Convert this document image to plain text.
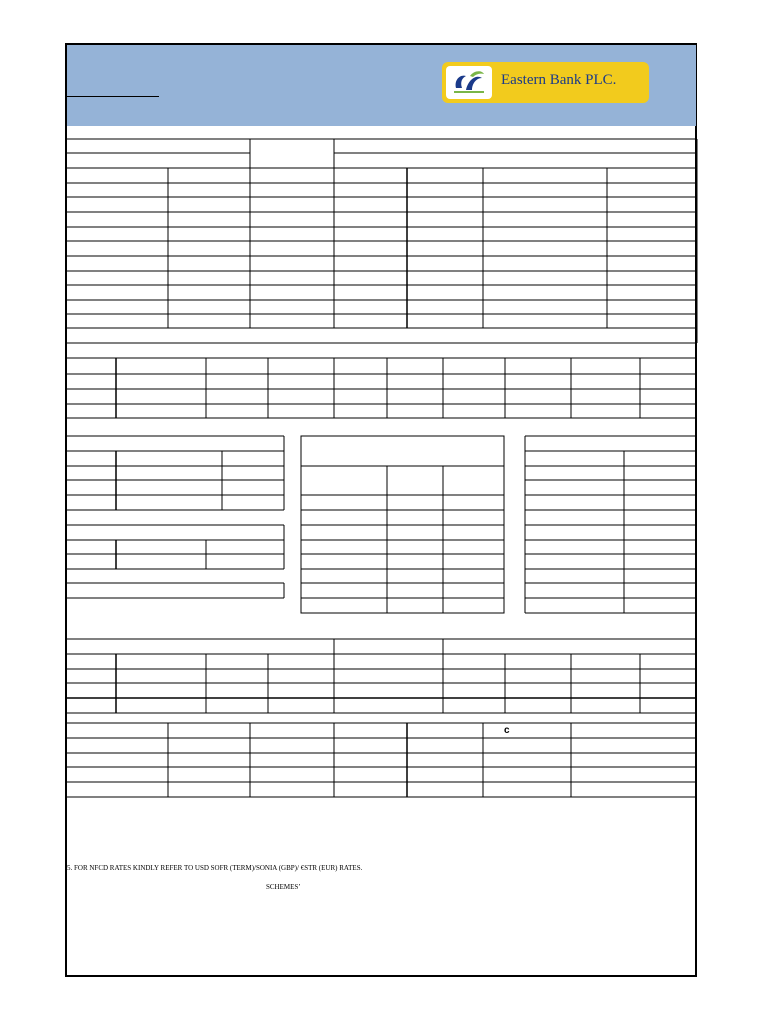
Eastern Bank PLC.
c
5. FOR NFCD RATES KINDLY REFER TO USD SOFR (TERM)/SONIA (GBP)/ €STR (EUR) RATES.
SCHEMES’
